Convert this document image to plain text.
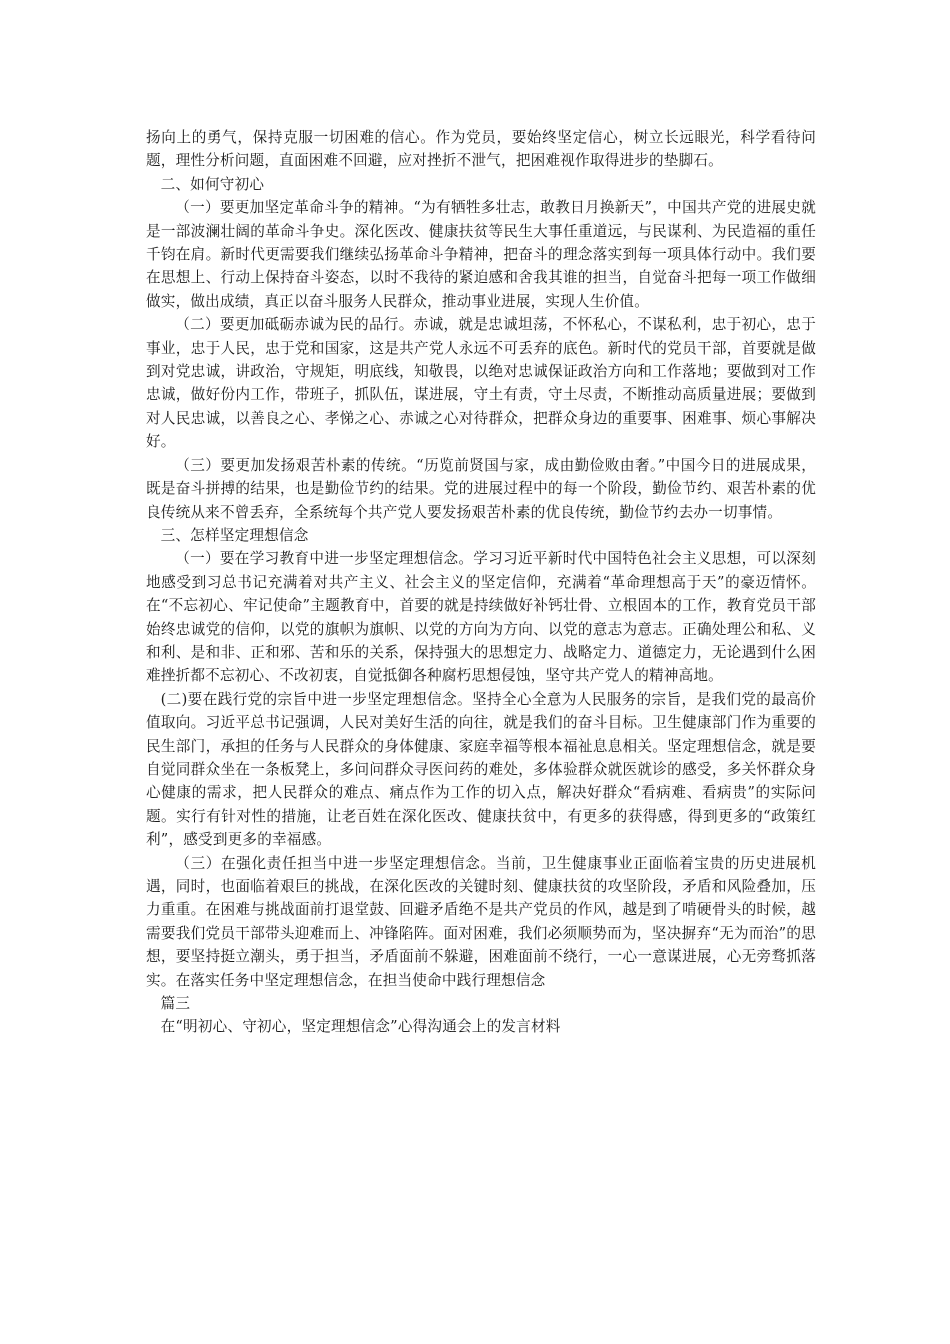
扬向上的勇气，保持克服一切困难的信心。作为党员，要始终坚定信心，树立长远眼光，科学看待问题，理性分析问题，直面困难不回避，应对挫折不泄气，把困难视作取得进步的垫脚石。

二、如何守初心

（一）要更加坚定革命斗争的精神。“为有牺牲多壮志，敢教日月换新天”，中国共产党的进展史就是一部波澜壮阔的革命斗争史。深化医改、健康扶贫等民生大事任重道远，与民谋利、为民造福的重任千钧在肩。新时代更需要我们继续弘扬革命斗争精神，把奋斗的理念落实到每一项具体行动中。我们要在思想上、行动上保持奋斗姿态，以时不我待的紧迫感和舍我其谁的担当，自觉奋斗把每一项工作做细做实，做出成绩，真正以奋斗服务人民群众，推动事业进展，实现人生价值。

（二）要更加砥砺赤诚为民的品行。赤诚，就是忠诚坦荡，不怀私心，不谋私利，忠于初心，忠于事业，忠于人民，忠于党和国家，这是共产党人永远不可丢弃的底色。新时代的党员干部，首要就是做到对党忠诚，讲政治，守规矩，明底线，知敬畏，以绝对忠诚保证政治方向和工作落地；要做到对工作忠诚，做好份内工作，带班子，抓队伍，谋进展，守土有责，守土尽责，不断推动高质量进展；要做到对人民忠诚，以善良之心、孝悌之心、赤诚之心对待群众，把群众身边的重要事、困难事、烦心事解决好。

（三）要更加发扬艰苦朴素的传统。“历览前贤国与家，成由勤俭败由奢。”中国今日的进展成果，既是奋斗拼搏的结果，也是勤俭节约的结果。党的进展过程中的每一个阶段，勤俭节约、艰苦朴素的优良传统从来不曾丢弃，全系统每个共产党人要发扬艰苦朴素的优良传统，勤俭节约去办一切事情。

三、怎样坚定理想信念

（一）要在学习教育中进一步坚定理想信念。学习习近平新时代中国特色社会主义思想，可以深刻地感受到习总书记充满着对共产主义、社会主义的坚定信仰，充满着“革命理想高于天”的豪迈情怀。在“不忘初心、牢记使命”主题教育中，首要的就是持续做好补钙壮骨、立根固本的工作，教育党员干部始终忠诚党的信仰，以党的旗帜为旗帜、以党的方向为方向、以党的意志为意志。正确处理公和私、义和利、是和非、正和邪、苦和乐的关系，保持强大的思想定力、战略定力、道德定力，无论遇到什么困难挫折都不忘初心、不改初衷，自觉抵御各种腐朽思想侵蚀，坚守共产党人的精神高地。

(二)要在践行党的宗旨中进一步坚定理想信念。坚持全心全意为人民服务的宗旨，是我们党的最高价值取向。习近平总书记强调，人民对美好生活的向往，就是我们的奋斗目标。卫生健康部门作为重要的民生部门，承担的任务与人民群众的身体健康、家庭幸福等根本福祉息息相关。坚定理想信念，就是要自觉同群众坐在一条板凳上，多问问群众寻医问药的难处，多体验群众就医就诊的感受，多关怀群众身心健康的需求，把人民群众的难点、痛点作为工作的切入点，解决好群众“看病难、看病贵”的实际问题。实行有针对性的措施，让老百姓在深化医改、健康扶贫中，有更多的获得感，得到更多的“政策红利”，感受到更多的幸福感。

（三）在强化责任担当中进一步坚定理想信念。当前，卫生健康事业正面临着宝贵的历史进展机遇，同时，也面临着艰巨的挑战，在深化医改的关键时刻、健康扶贫的攻坚阶段，矛盾和风险叠加，压力重重。在困难与挑战面前打退堂鼓、回避矛盾绝不是共产党员的作风，越是到了啃硬骨头的时候，越需要我们党员干部带头迎难而上、冲锋陷阵。面对困难，我们必须顺势而为，坚决摒弃“无为而治”的思想，要坚持挺立潮头，勇于担当，矛盾面前不躲避，困难面前不绕行，一心一意谋进展，心无旁骛抓落实。在落实任务中坚定理想信念，在担当使命中践行理想信念

篇三

在“明初心、守初心，坚定理想信念”心得沟通会上的发言材料
